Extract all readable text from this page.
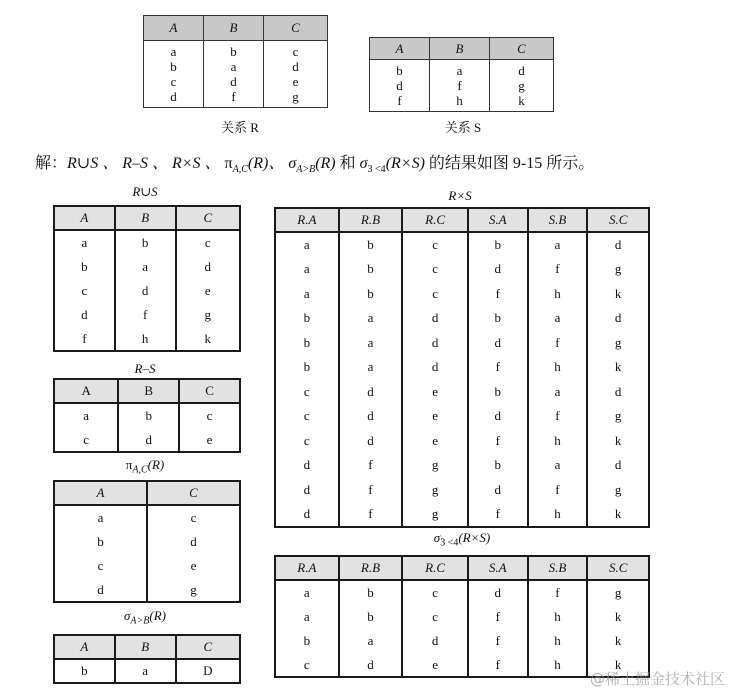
A	B	C

a
b
c
d

b
a
d
f

c
d
e
g
关系 R
A	B	C

b
d
f

a
f
h

d
g
k
关系 S
解：R∪S 、 R–S 、 R×S 、 $\pi_{A,C}(R)$、 $\sigma_{A>B}(R)$ 和 $\sigma_{3 <4}(R\times S)$ 的结果如图 9-15 所示。
R∪S
A	B	C
a	b	c
b	a	d
c	d	e
d	f	g
f	h	k
R–S
A	B	C
a	b	c
c	d	e
$\pi_{A,C}(R)$
A	C
a	c
b	d
c	e
d	g
$\sigma_{A>B}(R)$
A	B	C
b	a	D
R×S
R.A	R.B	R.C	S.A	S.B	S.C
a	b	c	b	a	d
a	b	c	d	f	g
a	b	c	f	h	k
b	a	d	b	a	d
b	a	d	d	f	g
b	a	d	f	h	k
c	d	e	b	a	d
c	d	e	d	f	g
c	d	e	f	h	k
d	f	g	b	a	d
d	f	g	d	f	g
d	f	g	f	h	k
$\sigma_{3 <4}(R\times S)$
R.A	R.B	R.C	S.A	S.B	S.C
a	b	c	d	f	g
a	b	c	f	h	k
b	a	d	f	h	k
c	d	e	f	h	k
@稀土掘金技术社区
